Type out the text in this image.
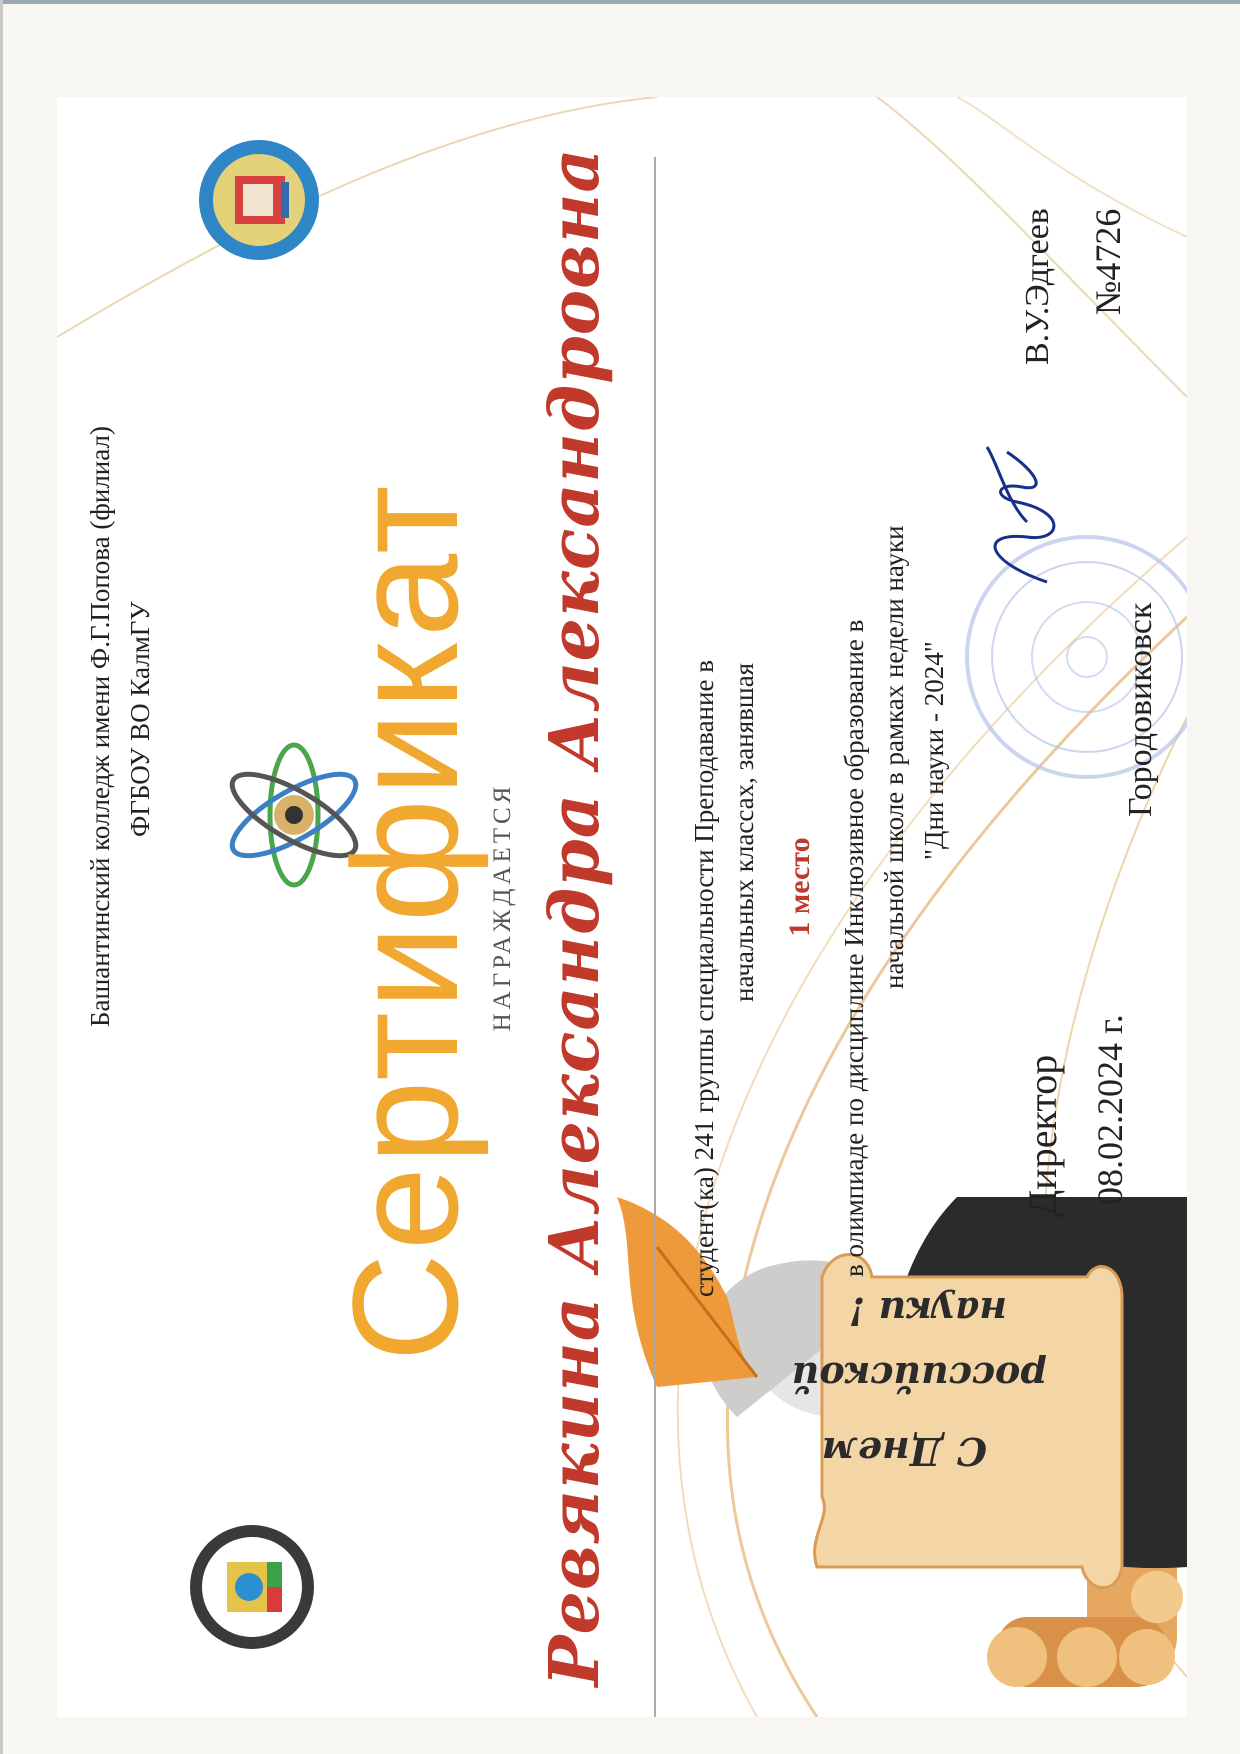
С Днем
российской
науки !
Башантинский колледж имени Ф.Г.Попова (филиал) ФГБОУ ВО КалмГУ Сертификат НАГРАЖДАЕТСЯ Ревякина Александра Александровна	студент(ка) 241 группы специальности Преподавание в начальных классах, занявшая 1 место в олимпиаде по дисциплине Инклюзивное образование в начальной школе в рамках недели науки "Дни науки - 2024"
Директор
В.У.Эдгеев
08.02.2024 г.
Городовиковск
№4726
